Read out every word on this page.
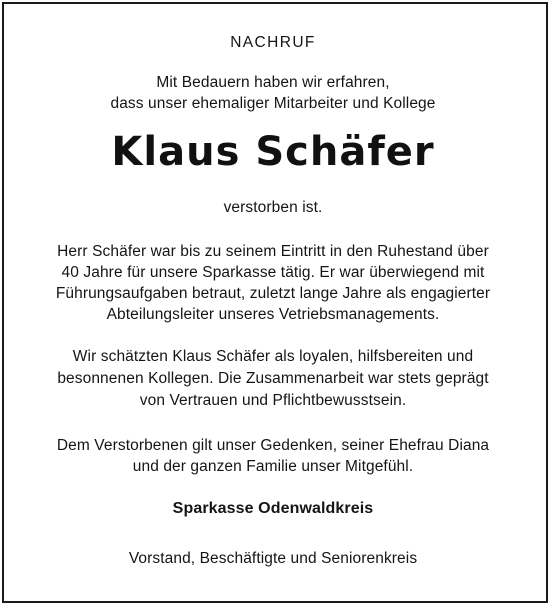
NACHRUF
Mit Bedauern haben wir erfahren,
dass unser ehemaliger Mitarbeiter und Kollege
Klaus Schäfer
verstorben ist.
Herr Schäfer war bis zu seinem Eintritt in den Ruhestand über
40 Jahre für unsere Sparkasse tätig. Er war überwiegend mit
Führungsaufgaben betraut, zuletzt lange Jahre als engagierter
Abteilungsleiter unseres Vetriebsmanagements.
Wir schätzten Klaus Schäfer als loyalen, hilfsbereiten und
besonnenen Kollegen. Die Zusammenarbeit war stets geprägt
von Vertrauen und Pflichtbewusstsein.
Dem Verstorbenen gilt unser Gedenken, seiner Ehefrau Diana
und der ganzen Familie unser Mitgefühl.
Sparkasse Odenwaldkreis
Vorstand, Beschäftigte und Seniorenkreis
